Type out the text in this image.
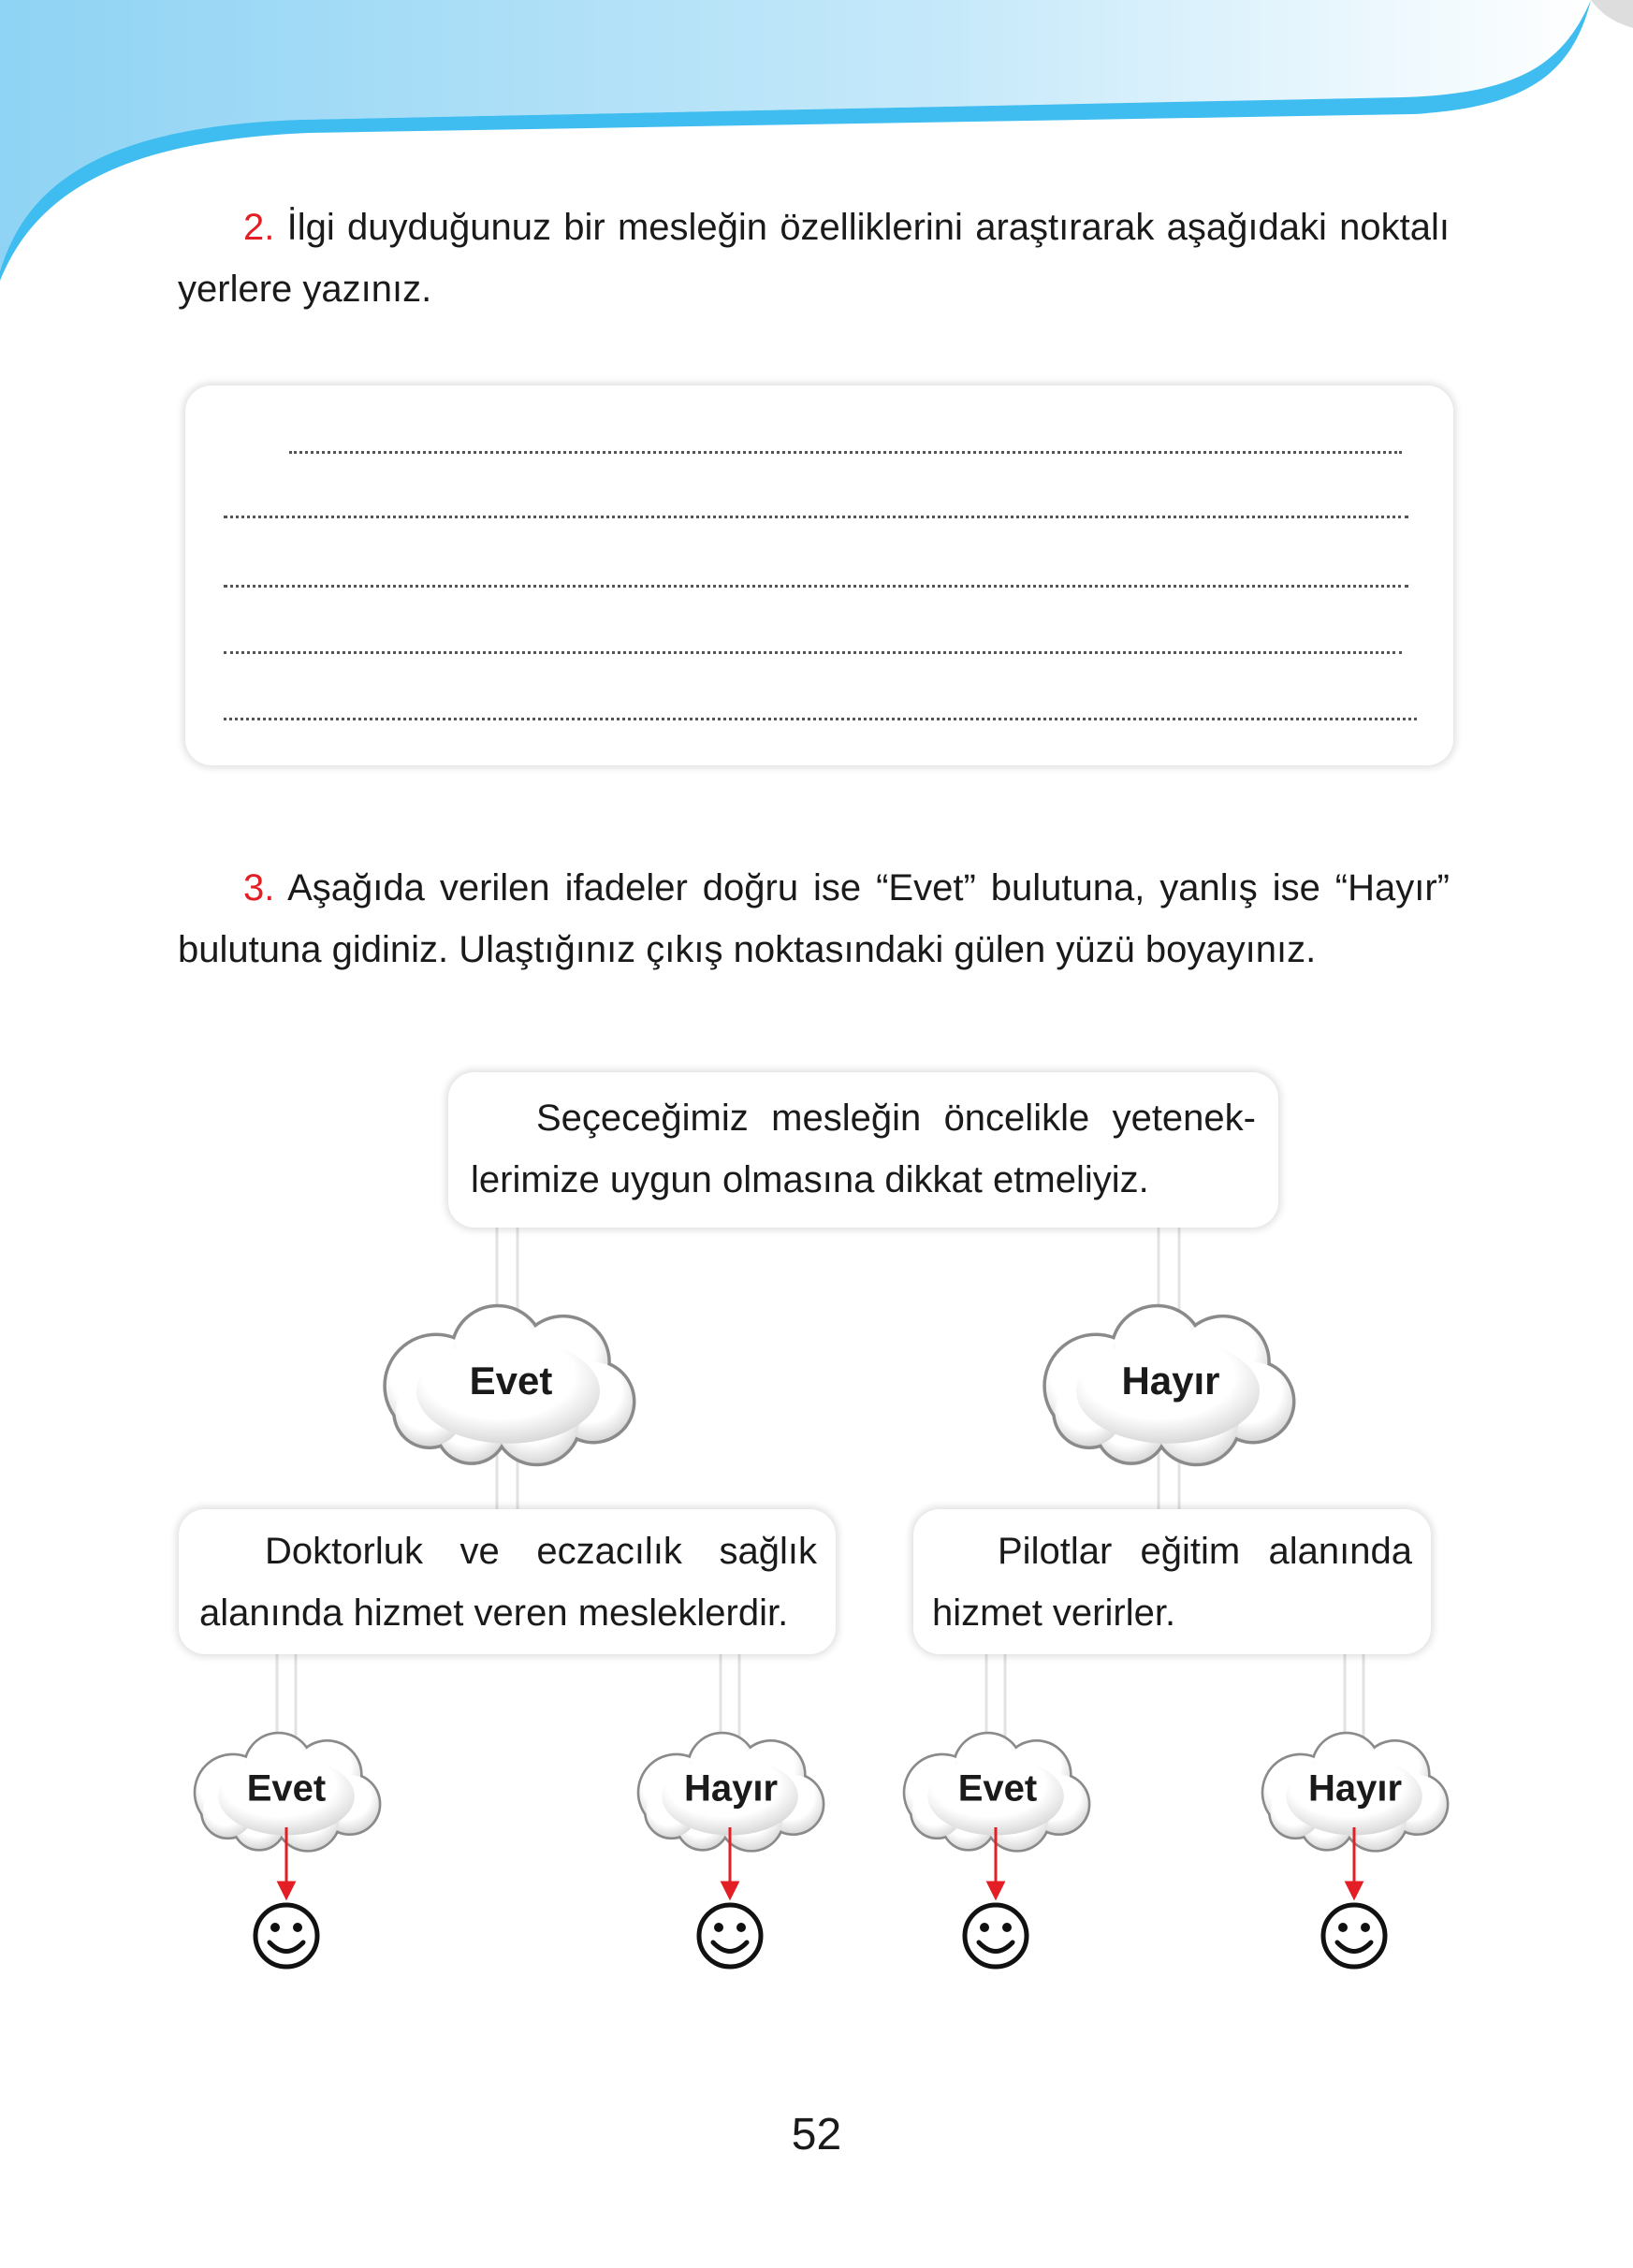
2. İlgi duyduğunuz bir mesleğin özelliklerini araştırarak aşağıdaki noktalı yerlere yazınız.
3. Aşağıda verilen ifadeler doğru ise “Evet” bulutuna, yanlış ise “Hayır” bulutuna gidiniz. Ulaştığınız çıkış noktasındaki gülen yüzü boyayınız.
Seçeceğimiz mesleğin öncelikle yetenek- lerimize uygun olmasına dikkat etmeliyiz.
Doktorluk ve eczacılık sağlık alanında hizmet veren mesleklerdir.
Pilotlar eğitim alanında hizmet verirler.
Evet	Hayır
Evet	Hayır	Evet	Hayır
52
